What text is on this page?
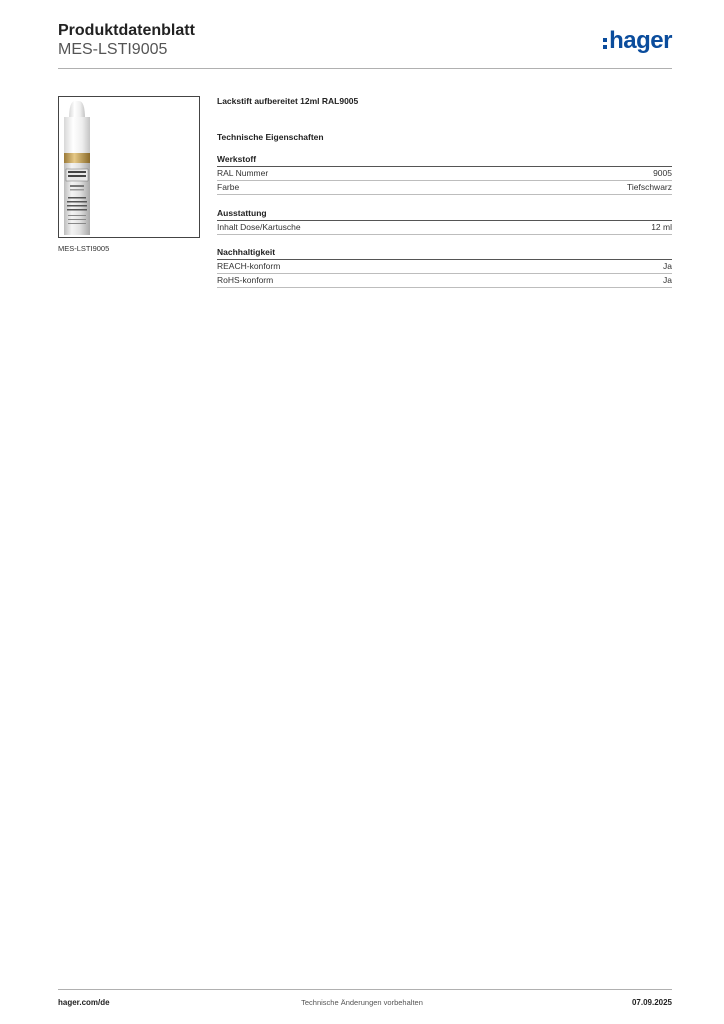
Produktdatenblatt
MES-LSTI9005	hager
MES-LSTI9005
Lackstift aufbereitet 12ml RAL9005
Technische Eigenschaften
Werkstoff
RAL Nummer	9005
Farbe	Tiefschwarz
Ausstattung
Inhalt Dose/Kartusche	12 ml
Nachhaltigkeit
REACH-konform	Ja
RoHS-konform	Ja
hager.com/de	Technische Änderungen vorbehalten	07.09.2025
